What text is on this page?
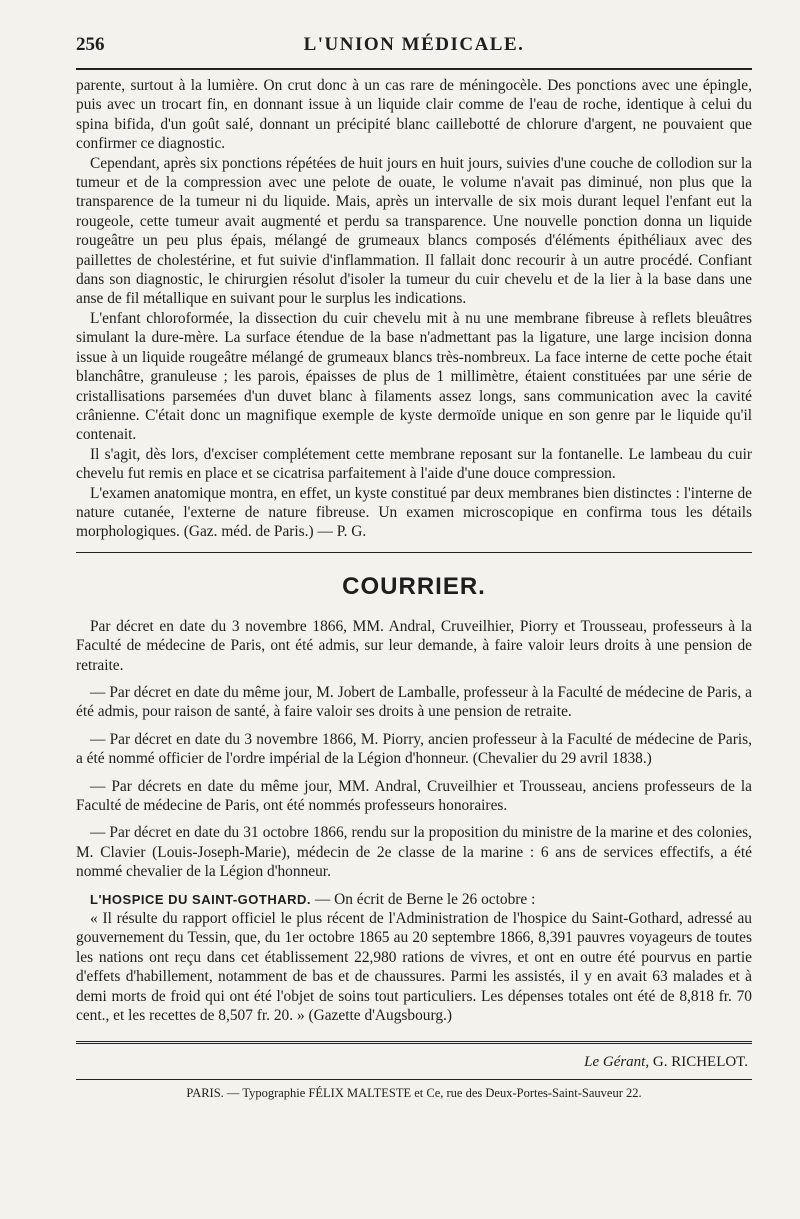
256	L'UNION MÉDICALE.

parente, surtout à la lumière. On crut donc à un cas rare de méningocèle. Des ponctions avec une épingle, puis avec un trocart fin, en donnant issue à un liquide clair comme de l'eau de roche, identique à celui du spina bifida, d'un goût salé, donnant un précipité blanc caillebotté de chlorure d'argent, ne pouvaient que confirmer ce diagnostic.

Cependant, après six ponctions répétées de huit jours en huit jours, suivies d'une couche de collodion sur la tumeur et de la compression avec une pelote de ouate, le volume n'avait pas diminué, non plus que la transparence de la tumeur ni du liquide. Mais, après un intervalle de six mois durant lequel l'enfant eut la rougeole, cette tumeur avait augmenté et perdu sa transparence. Une nouvelle ponction donna un liquide rougeâtre un peu plus épais, mélangé de grumeaux blancs composés d'éléments épithéliaux avec des paillettes de cholestérine, et fut suivie d'inflammation. Il fallait donc recourir à un autre procédé. Confiant dans son diagnostic, le chirurgien résolut d'isoler la tumeur du cuir chevelu et de la lier à la base dans une anse de fil métallique en suivant pour le surplus les indications.

L'enfant chloroformée, la dissection du cuir chevelu mit à nu une membrane fibreuse à reflets bleuâtres simulant la dure-mère. La surface étendue de la base n'admettant pas la ligature, une large incision donna issue à un liquide rougeâtre mélangé de grumeaux blancs très-nombreux. La face interne de cette poche était blanchâtre, granuleuse ; les parois, épaisses de plus de 1 millimètre, étaient constituées par une série de cristallisations parsemées d'un duvet blanc à filaments assez longs, sans communication avec la cavité crânienne. C'était donc un magnifique exemple de kyste dermoïde unique en son genre par le liquide qu'il contenait.

Il s'agit, dès lors, d'exciser complétement cette membrane reposant sur la fontanelle. Le lambeau du cuir chevelu fut remis en place et se cicatrisa parfaitement à l'aide d'une douce compression.

L'examen anatomique montra, en effet, un kyste constitué par deux membranes bien distinctes : l'interne de nature cutanée, l'externe de nature fibreuse. Un examen microscopique en confirma tous les détails morphologiques. (Gaz. méd. de Paris.) — P. G.

COURRIER.

Par décret en date du 3 novembre 1866, MM. Andral, Cruveilhier, Piorry et Trousseau, professeurs à la Faculté de médecine de Paris, ont été admis, sur leur demande, à faire valoir leurs droits à une pension de retraite.

— Par décret en date du même jour, M. Jobert de Lamballe, professeur à la Faculté de médecine de Paris, a été admis, pour raison de santé, à faire valoir ses droits à une pension de retraite.

— Par décret en date du 3 novembre 1866, M. Piorry, ancien professeur à la Faculté de médecine de Paris, a été nommé officier de l'ordre impérial de la Légion d'honneur. (Chevalier du 29 avril 1838.)

— Par décrets en date du même jour, MM. Andral, Cruveilhier et Trousseau, anciens professeurs de la Faculté de médecine de Paris, ont été nommés professeurs honoraires.

— Par décret en date du 31 octobre 1866, rendu sur la proposition du ministre de la marine et des colonies, M. Clavier (Louis-Joseph-Marie), médecin de 2e classe de la marine : 6 ans de services effectifs, a été nommé chevalier de la Légion d'honneur.

L'HOSPICE DU SAINT-GOTHARD. — On écrit de Berne le 26 octobre :

« Il résulte du rapport officiel le plus récent de l'Administration de l'hospice du Saint-Gothard, adressé au gouvernement du Tessin, que, du 1er octobre 1865 au 20 septembre 1866, 8,391 pauvres voyageurs de toutes les nations ont reçu dans cet établissement 22,980 rations de vivres, et ont en outre été pourvus en partie d'effets d'habillement, notamment de bas et de chaussures. Parmi les assistés, il y en avait 63 malades et à demi morts de froid qui ont été l'objet de soins tout particuliers. Les dépenses totales ont été de 8,818 fr. 70 cent., et les recettes de 8,507 fr. 20. » (Gazette d'Augsbourg.)

Le Gérant, G. RICHELOT.
PARIS. — Typographie FÉLIX MALTESTE et Ce, rue des Deux-Portes-Saint-Sauveur 22.
